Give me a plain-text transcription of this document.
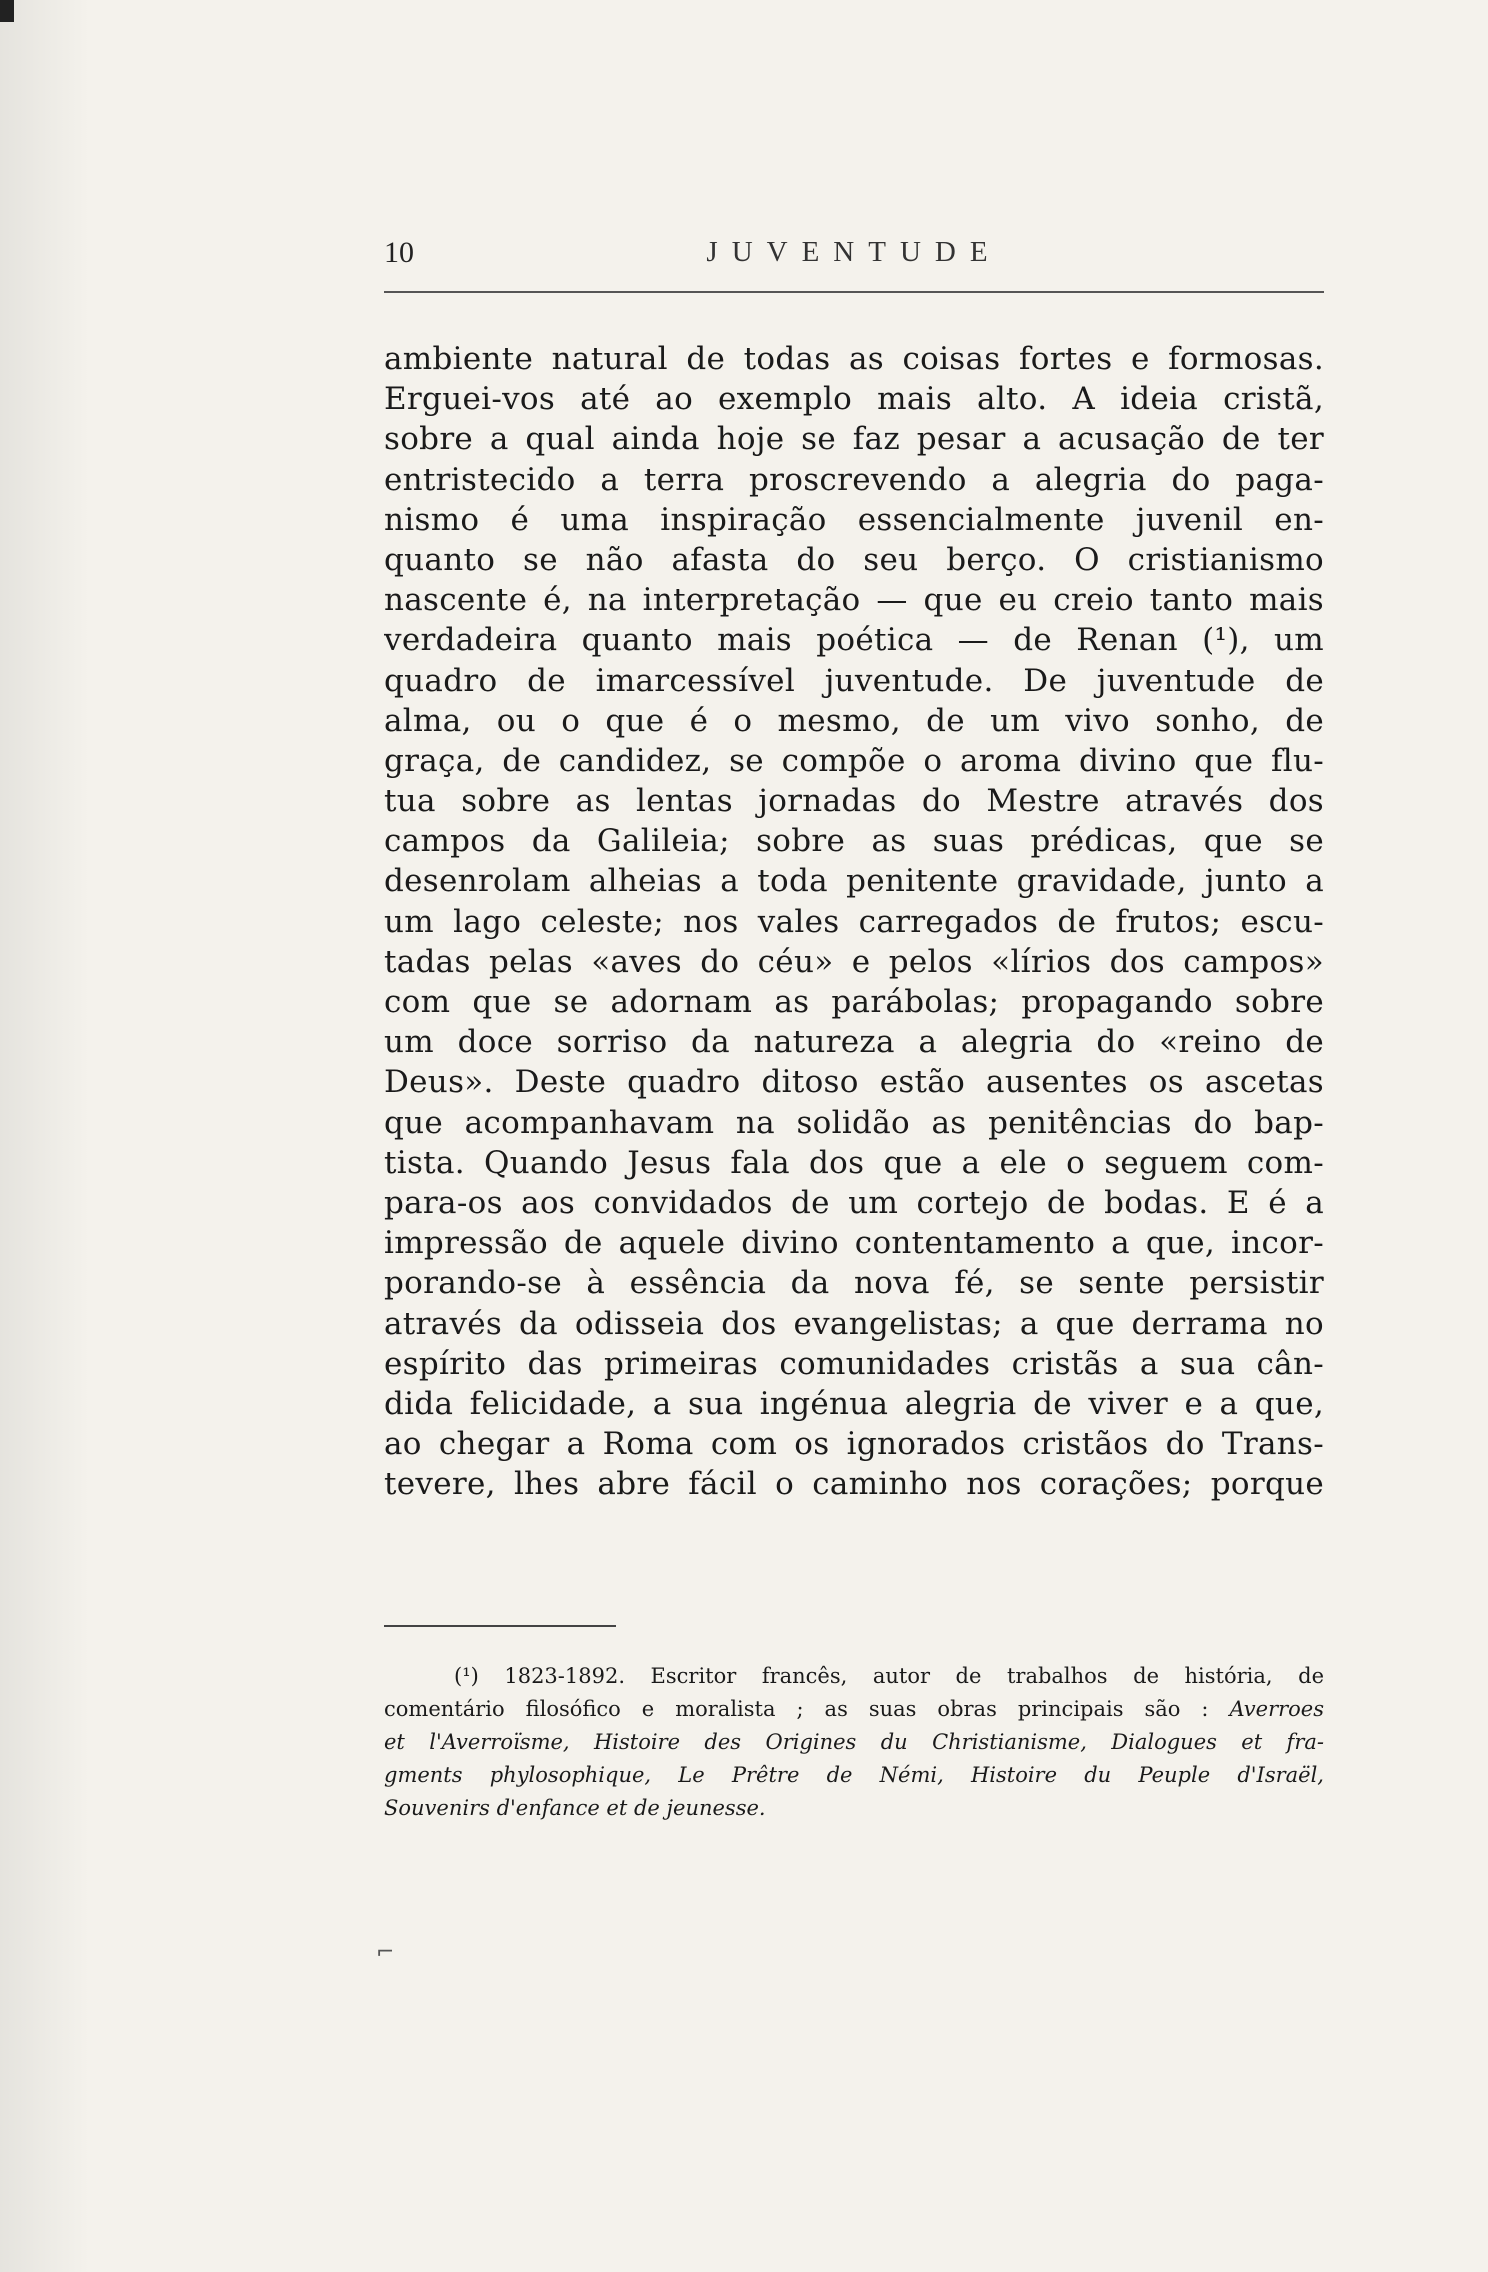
10	JUVENTUDE
ambiente natural de todas as coisas fortes e formosas.
Erguei-vos até ao exemplo mais alto. A ideia cristã,
sobre a qual ainda hoje se faz pesar a acusação de ter
entristecido a terra proscrevendo a alegria do paga-
nismo é uma inspiração essencialmente juvenil en-
quanto se não afasta do seu berço. O cristianismo
nascente é, na interpretação — que eu creio tanto mais
verdadeira quanto mais poética — de Renan (¹), um
quadro de imarcessível juventude. De juventude de
alma, ou o que é o mesmo, de um vivo sonho, de
graça, de candidez, se compõe o aroma divino que flu-
tua sobre as lentas jornadas do Mestre através dos
campos da Galileia; sobre as suas prédicas, que se
desenrolam alheias a toda penitente gravidade, junto a
um lago celeste; nos vales carregados de frutos; escu-
tadas pelas «aves do céu» e pelos «lírios dos campos»
com que se adornam as parábolas; propagando sobre
um doce sorriso da natureza a alegria do «reino de
Deus». Deste quadro ditoso estão ausentes os ascetas
que acompanhavam na solidão as penitências do bap-
tista. Quando Jesus fala dos que a ele o seguem com-
para-os aos convidados de um cortejo de bodas. E é a
impressão de aquele divino contentamento a que, incor-
porando-se à essência da nova fé, se sente persistir
através da odisseia dos evangelistas; a que derrama no
espírito das primeiras comunidades cristãs a sua cân-
dida felicidade, a sua ingénua alegria de viver e a que,
ao chegar a Roma com os ignorados cristãos do Trans-
tevere, lhes abre fácil o caminho nos corações; porque
(¹) 1823-1892. Escritor francês, autor de trabalhos de história, de
comentário filosófico e moralista ; as suas obras principais são : Averroes
et l'Averroïsme, Histoire des Origines du Christianisme, Dialogues et fra-
gments phylosophique, Le Prêtre de Némi, Histoire du Peuple d'Israël,
Souvenirs d'enfance et de jeunesse.
⌐
